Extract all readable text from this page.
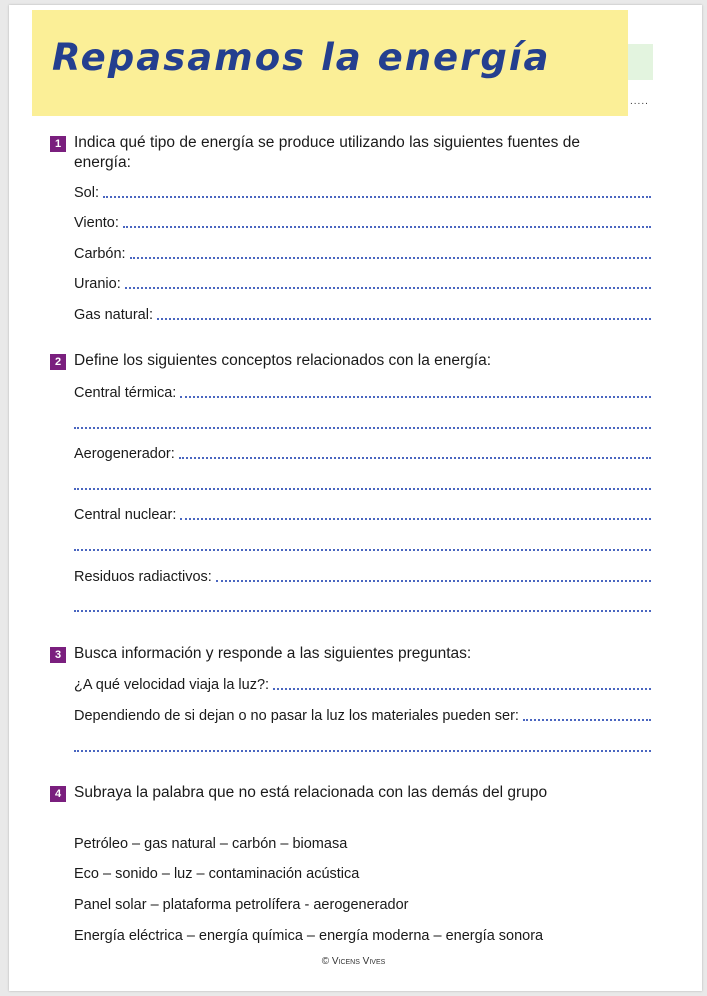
Repasamos la energía
.....
1 Indica qué tipo de energía se produce utilizando las siguientes fuentes de energía:
Sol:
Viento:
Carbón:
Uranio:
Gas natural:
2 Define los siguientes conceptos relacionados con la energía:
Central térmica:
Aerogenerador:
Central nuclear:
Residuos radiactivos:
3 Busca información y responde a las siguientes preguntas:
¿A qué velocidad viaja la luz?:
Dependiendo de si dejan o no pasar la luz los materiales pueden ser:
4 Subraya la palabra que no está relacionada con las demás del grupo
Petróleo – gas natural – carbón – biomasa
Eco – sonido – luz – contaminación acústica
Panel solar – plataforma petrolífera - aerogenerador
Energía eléctrica – energía química – energía moderna – energía sonora
© Vicens Vives
